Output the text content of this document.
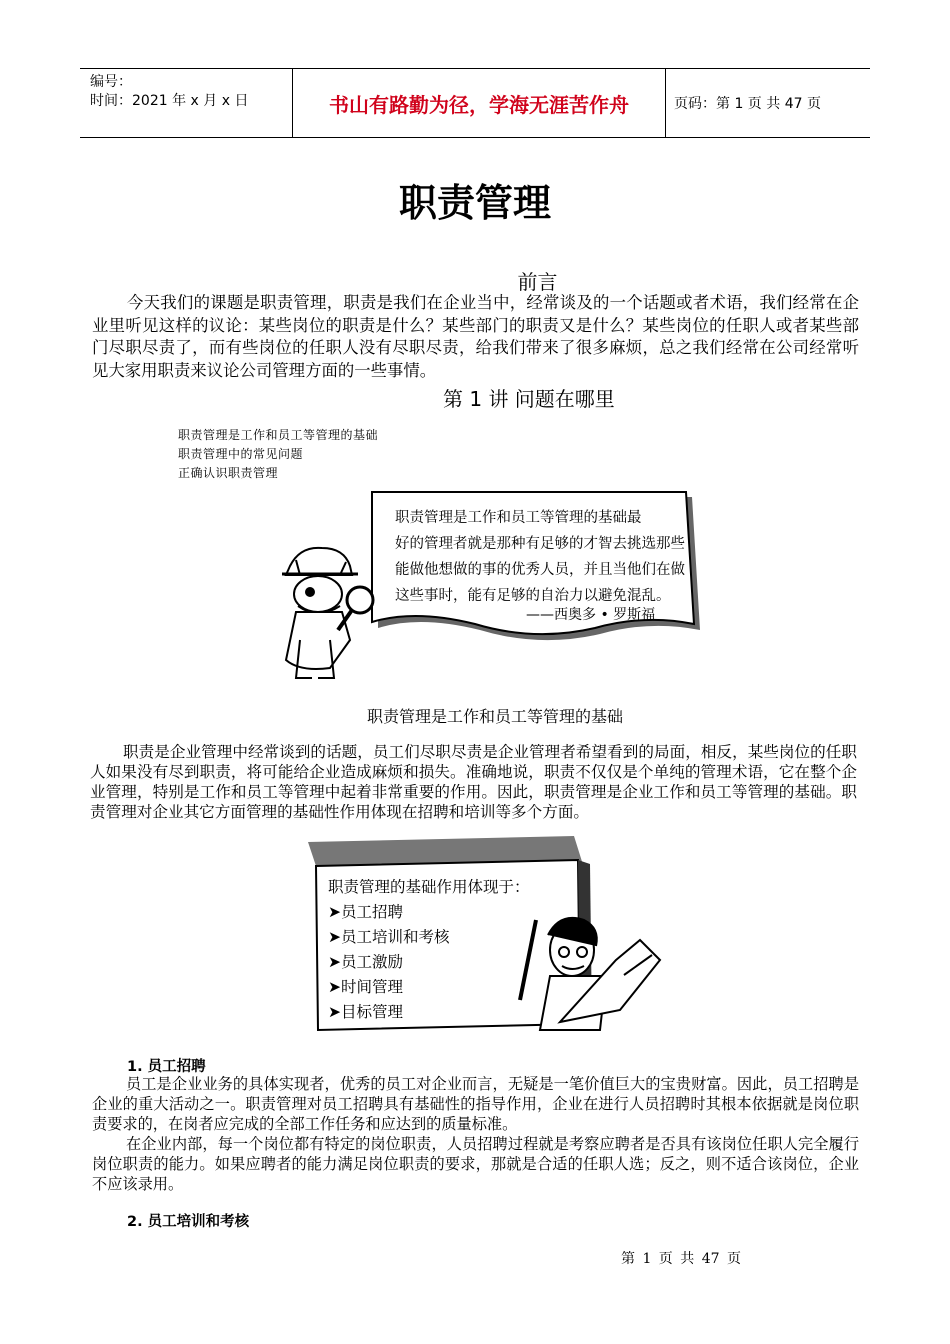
编号：
时间：2021 年 x 月 x 日	书山有路勤为径，学海无涯苦作舟	页码：第 1 页 共 47 页
职责管理
前言
今天我们的课题是职责管理，职责是我们在企业当中，经常谈及的一个话题或者术语，我们经常在企业里听见这样的议论：某些岗位的职责是什么？某些部门的职责又是什么？某些岗位的任职人或者某些部门尽职尽责了，而有些岗位的任职人没有尽职尽责，给我们带来了很多麻烦，总之我们经常在公司经常听见大家用职责来议论公司管理方面的一些事情。
第 1 讲 问题在哪里
职责管理是工作和员工等管理的基础
职责管理中的常见问题
正确认识职责管理
职责管理是工作和员工等管理的基础最
好的管理者就是那种有足够的才智去挑选那些
能做他想做的事的优秀人员，并且当他们在做
这些事时，能有足够的自治力以避免混乱。
——西奥多 • 罗斯福
职责管理是工作和员工等管理的基础
职责是企业管理中经常谈到的话题，员工们尽职尽责是企业管理者希望看到的局面，相反，某些岗位的任职人如果没有尽到职责，将可能给企业造成麻烦和损失。准确地说，职责不仅仅是个单纯的管理术语，它在整个企业管理，特别是工作和员工等管理中起着非常重要的作用。因此，职责管理是企业工作和员工等管理的基础。职责管理对企业其它方面管理的基础性作用体现在招聘和培训等多个方面。
职责管理的基础作用体现于：
➤员工招聘
➤员工培训和考核
➤员工激励
➤时间管理
➤目标管理
1. 员工招聘
员工是企业业务的具体实现者，优秀的员工对企业而言，无疑是一笔价值巨大的宝贵财富。因此，员工招聘是企业的重大活动之一。职责管理对员工招聘具有基础性的指导作用，企业在进行人员招聘时其根本依据就是岗位职责要求的，在岗者应完成的全部工作任务和应达到的质量标准。
在企业内部，每一个岗位都有特定的岗位职责，人员招聘过程就是考察应聘者是否具有该岗位任职人完全履行岗位职责的能力。如果应聘者的能力满足岗位职责的要求，那就是合适的任职人选；反之，则不适合该岗位，企业不应该录用。
2. 员工培训和考核
第 1 页 共 47 页
